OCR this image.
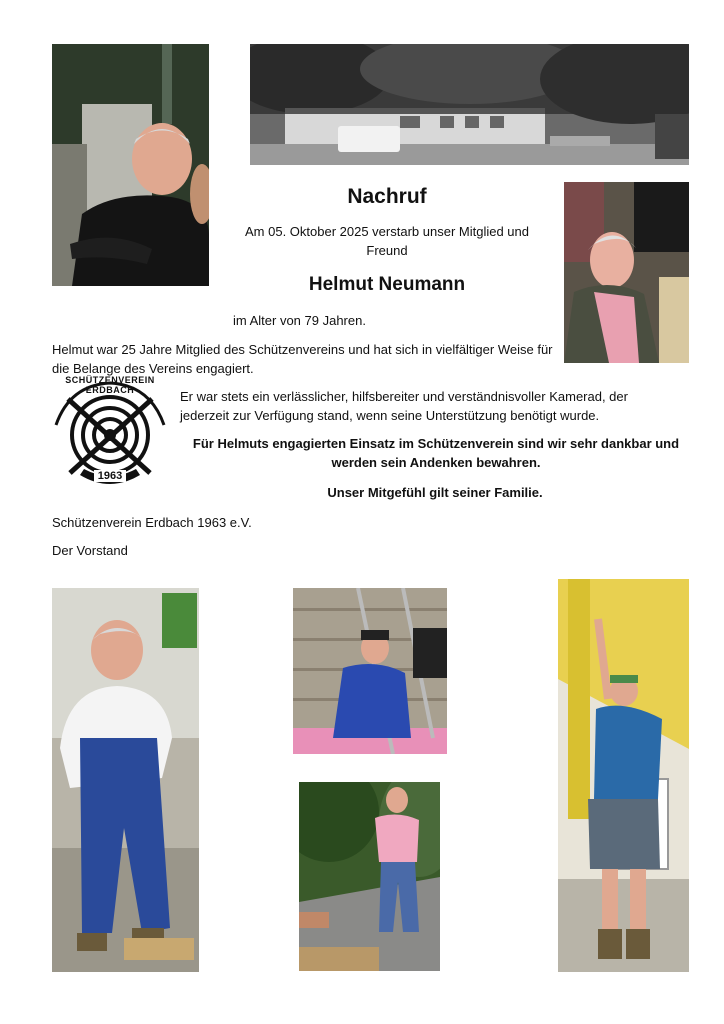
Nachruf
Am 05. Oktober 2025 verstarb unser Mitglied und Freund
Helmut Neumann
im Alter von 79 Jahren.
Helmut war 25 Jahre Mitglied des Schützenvereins und hat sich in vielfältiger Weise für die Belange des Vereins engagiert.
1963
SCHÜTZENVEREIN ERDBACH	Er war stets ein verlässlicher, hilfsbereiter und verständnisvoller Kamerad, der jederzeit zur Verfügung stand, wenn seine Unterstützung benötigt wurde.
Für Helmuts engagierten Einsatz im Schützenverein sind wir sehr dankbar und werden sein Andenken bewahren.
Unser Mitgefühl gilt seiner Familie.
Schützenverein Erdbach 1963 e.V.
Der Vorstand
